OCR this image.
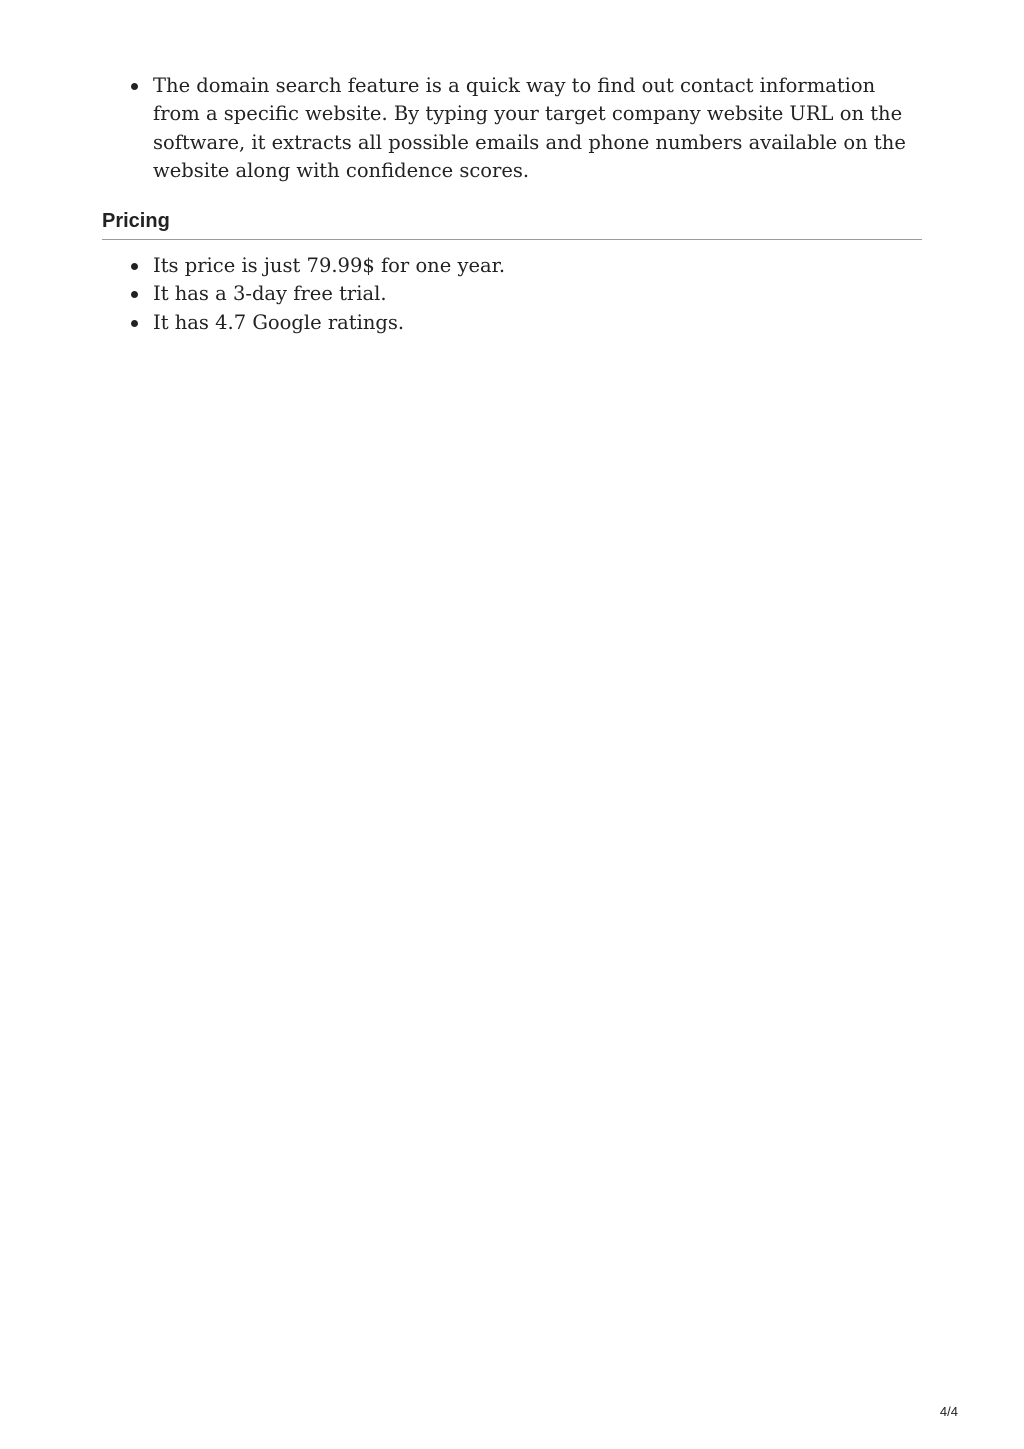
The domain search feature is a quick way to find out contact information from a specific website. By typing your target company website URL on the software, it extracts all possible emails and phone numbers available on the website along with confidence scores.
Pricing
Its price is just 79.99$ for one year.
It has a 3-day free trial.
It has 4.7 Google ratings.
4/4
